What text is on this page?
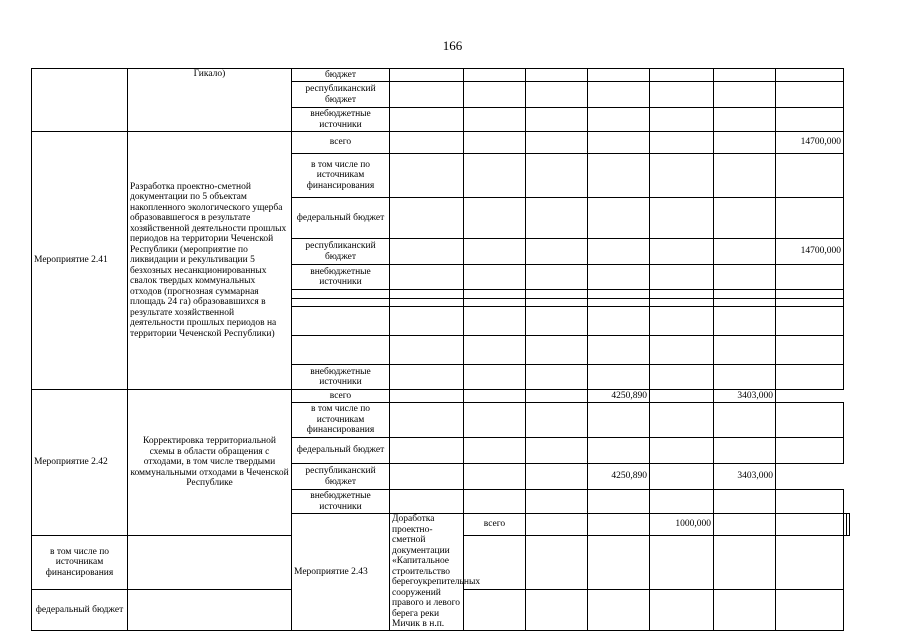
166
	Гикало)	бюджет									
		республиканский бюджет									
		внебюджетные источники									
Мероприятие 2.41	Разработка проектно-сметной документации по 5 объектам накопленного экологического ущерба образовавшегося в результате хозяйственной деятельности прошлых периодов на территории Чеченской Республики (мероприятие по ликвидации и рекультивации 5 безхозных несанкционированных свалок твердых коммунальных отходов (прогнозная суммарная площадь 24 га) образовавшихся в результате хозяйственной деятельности прошлых периодов на территории Чеченской Республики)	всего							14700,000		
		в том числе по источникам финансирования									
		федеральный бюджет									
		республиканский бюджет							14700,000		
		внебюджетные источники									

		внебюджетные источники									
Мероприятие 2.42	Корректировка территориальной схемы в области обращения с отходами, в том числе твердыми коммунальными отходами в Чеченской Республике	всего				4250,890		3403,000			
		в том числе по источникам финансирования									
		федеральный бюджет									
		республиканский бюджет				4250,890		3403,000			
		внебюджетные источники									
		Мероприятие 2.43	Доработка проектно-сметной документации «Капитальное строительство берегоукрепительных сооружений правого и левого берега реки Мичик в н.п.	всего			1000,000				
в том числе по источникам финансирования											
федеральный бюджет											
